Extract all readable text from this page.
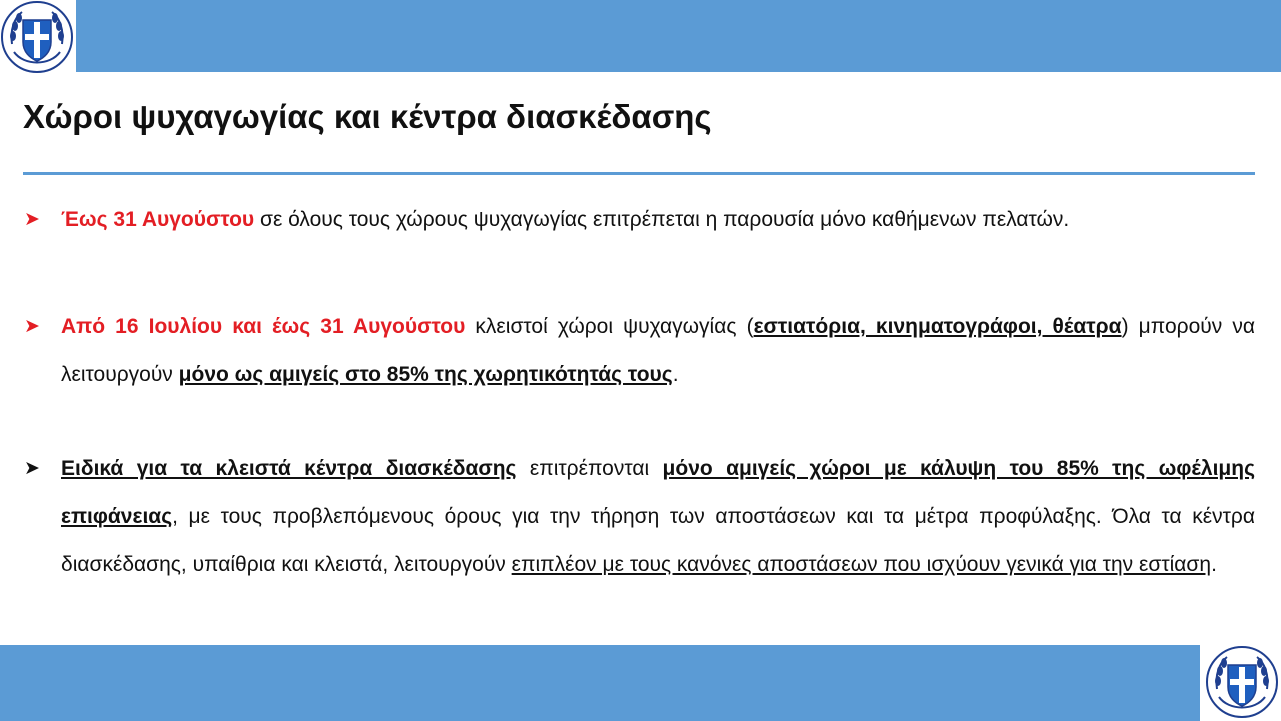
Χώροι ψυχαγωγίας και κέντρα διασκέδασης
➤	Έως 31 Αυγούστου σε όλους τους χώρους ψυχαγωγίας επιτρέπεται η παρουσία μόνο καθήμενων πελατών.
➤	Από 16 Ιουλίου και έως 31 Αυγούστου κλειστοί χώροι ψυχαγωγίας (εστιατόρια, κινηματογράφοι, θέατρα) μπορούν να λειτουργούν μόνο ως αμιγείς στο 85% της χωρητικότητάς τους.
➤	Ειδικά για τα κλειστά κέντρα διασκέδασης επιτρέπονται μόνο αμιγείς χώροι με κάλυψη του 85% της ωφέλιμης επιφάνειας, με τους προβλεπόμενους όρους για την τήρηση των αποστάσεων και τα μέτρα προφύλαξης. Όλα τα κέντρα διασκέδασης, υπαίθρια και κλειστά, λειτουργούν επιπλέον με τους κανόνες αποστάσεων που ισχύουν γενικά για την εστίαση.
